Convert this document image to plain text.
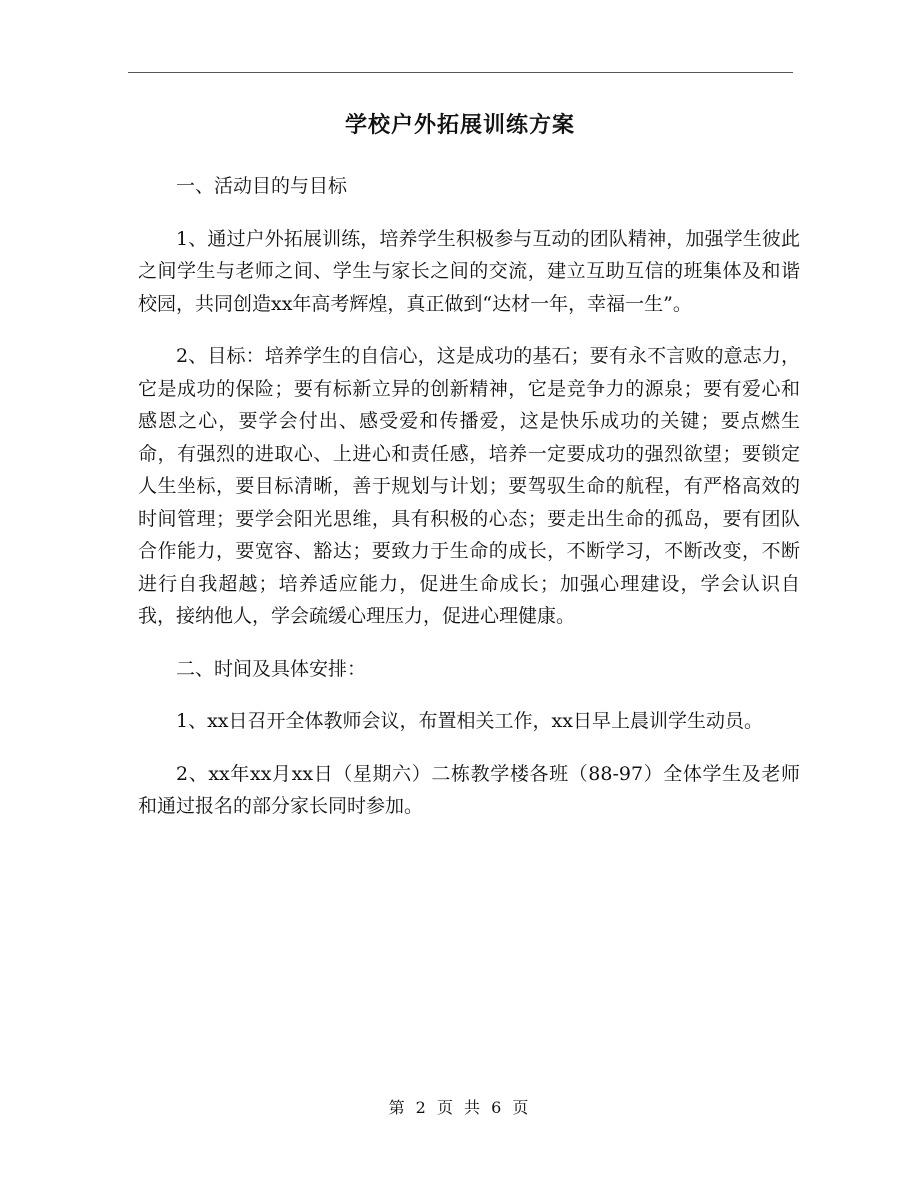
学校户外拓展训练方案

一、活动目的与目标

1、通过户外拓展训练，培养学生积极参与互动的团队精神，加强学生彼此之间学生与老师之间、学生与家长之间的交流，建立互助互信的班集体及和谐校园，共同创造xx年高考辉煌，真正做到“达材一年，幸福一生”。

2、目标：培养学生的自信心，这是成功的基石；要有永不言败的意志力，它是成功的保险；要有标新立异的创新精神，它是竞争力的源泉；要有爱心和感恩之心，要学会付出、感受爱和传播爱，这是快乐成功的关键；要点燃生命，有强烈的进取心、上进心和责任感，培养一定要成功的强烈欲望；要锁定人生坐标，要目标清晰，善于规划与计划；要驾驭生命的航程，有严格高效的时间管理；要学会阳光思维，具有积极的心态；要走出生命的孤岛，要有团队合作能力，要宽容、豁达；要致力于生命的成长，不断学习，不断改变，不断进行自我超越；培养适应能力，促进生命成长；加强心理建设，学会认识自我，接纳他人，学会疏缓心理压力，促进心理健康。

二、时间及具体安排：

1、xx日召开全体教师会议，布置相关工作，xx日早上晨训学生动员。

2、xx年xx月xx日（星期六）二栋教学楼各班（88-97）全体学生及老师和通过报名的部分家长同时参加。

第 2 页 共 6 页
